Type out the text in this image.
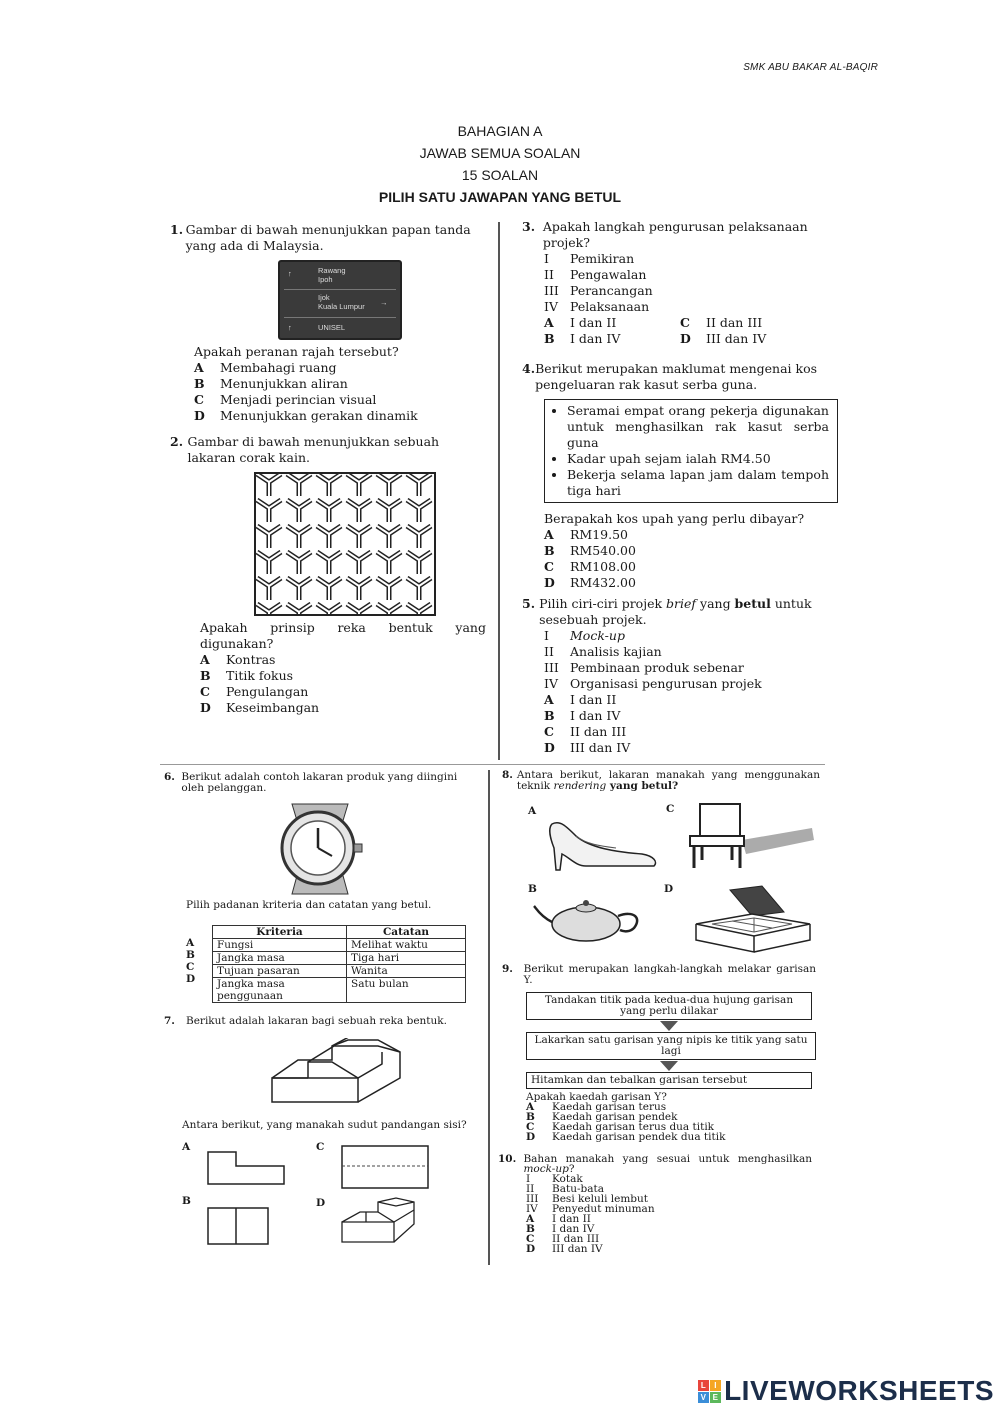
SMK ABU BAKAR AL-BAQIR
BAHAGIAN A
JAWAB SEMUA SOALAN
15 SOALAN
PILIH SATU JAWAPAN YANG BETUL
1. Gambar di bawah menunjukkan papan tanda yang ada di Malaysia.
↑	Rawang
Ipoh
Ijok
Kuala Lumpur →
↑	UNISEL
Apakah peranan rajah tersebut?
A	Membahagi ruang
B	Menunjukkan aliran
C	Menjadi perincian visual
D	Menunjukkan gerakan dinamik
2. Gambar di bawah menunjukkan sebuah lakaran corak kain.
Apakah prinsip reka bentuk yang digunakan?
A	Kontras
B	Titik fokus
C	Pengulangan
D	Keseimbangan
3. Apakah langkah pengurusan pelaksanaan projek?
I	Pemikiran
II	Pengawalan
III Perancangan
IV Pelaksanaan
A	I dan II	C	II dan III
B	I dan IV	D	III dan IV
4. Berikut merupakan maklumat mengenai kos pengeluaran rak kasut serba guna.
• Seramai empat orang pekerja digunakan untuk menghasilkan rak kasut serba guna
• Kadar upah sejam ialah RM4.50
• Bekerja selama lapan jam dalam tempoh tiga hari
Berapakah kos upah yang perlu dibayar?
A	RM19.50
B	RM540.00
C	RM108.00
D	RM432.00
5. Pilih ciri-ciri projek brief yang betul untuk sesebuah projek.
I	Mock-up
II	Analisis kajian
III Pembinaan produk sebenar
IV Organisasi pengurusan projek
A	I dan II
B	I dan IV
C	II dan III
D	III dan IV
6. Berikut adalah contoh lakaran produk yang diingini oleh pelanggan.
Pilih padanan kriteria dan catatan yang betul.
A
B
C
D
Kriteria	Catatan
Fungsi	Melihat waktu
Jangka masa	Tiga hari
Tujuan pasaran	Wanita
Jangka masa penggunaan	Satu bulan
7.	Berikut adalah lakaran bagi sebuah reka bentuk.
Antara berikut, yang manakah sudut pandangan sisi?
A	C
B	D
8. Antara berikut, lakaran manakah yang menggunakan teknik rendering yang betul?
A	C
B	D
9.	Berikut merupakan langkah-langkah melakar garisan Y.
Tandakan titik pada kedua-dua hujung garisan yang perlu dilakar
Lakarkan satu garisan yang nipis ke titik yang satu lagi
Hitamkan dan tebalkan garisan tersebut
Apakah kaedah garisan Y?
A	Kaedah garisan terus
B	Kaedah garisan pendek
C	Kaedah garisan terus dua titik
D	Kaedah garisan pendek dua titik
10. Bahan manakah yang sesuai untuk menghasilkan mock-up?
I	Kotak
II	Batu-bata
III	Besi keluli lembut
IV	Penyedut minuman
A	I dan II
B	I dan IV
C	II dan III
D	III dan IV
L I
V E LIVEWORKSHEETS
